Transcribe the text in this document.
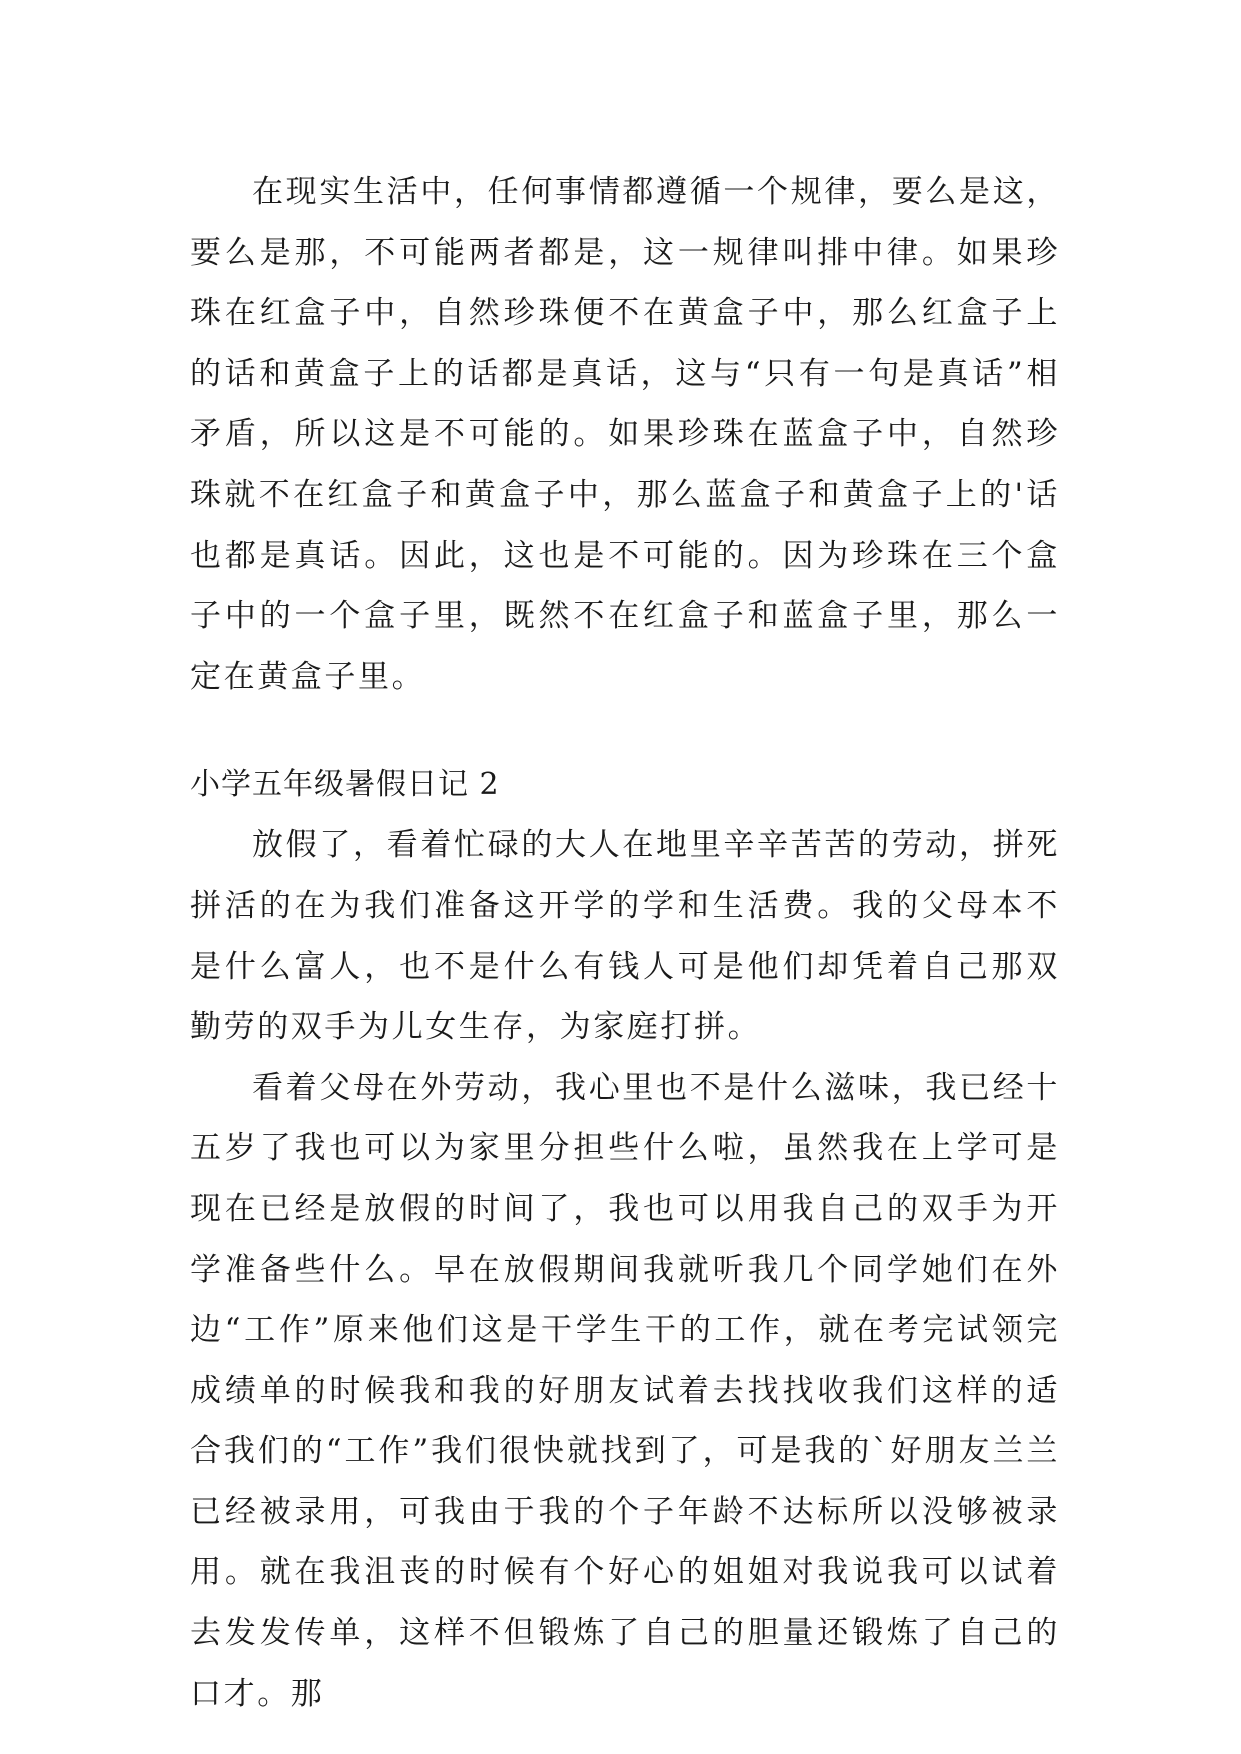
在现实生活中，任何事情都遵循一个规律，要么是这，要么是那，不可能两者都是，这一规律叫排中律。如果珍珠在红盒子中，自然珍珠便不在黄盒子中，那么红盒子上的话和黄盒子上的话都是真话，这与“只有一句是真话”相矛盾，所以这是不可能的。如果珍珠在蓝盒子中，自然珍珠就不在红盒子和黄盒子中，那么蓝盒子和黄盒子上的'话也都是真话。因此，这也是不可能的。因为珍珠在三个盒子中的一个盒子里，既然不在红盒子和蓝盒子里，那么一定在黄盒子里。

小学五年级暑假日记 2

放假了，看着忙碌的大人在地里辛辛苦苦的劳动，拼死拼活的在为我们准备这开学的学和生活费。我的父母本不是什么富人，也不是什么有钱人可是他们却凭着自己那双勤劳的双手为儿女生存，为家庭打拼。

看着父母在外劳动，我心里也不是什么滋味，我已经十五岁了我也可以为家里分担些什么啦，虽然我在上学可是现在已经是放假的时间了，我也可以用我自己的双手为开学准备些什么。早在放假期间我就听我几个同学她们在外边“工作”原来他们这是干学生干的工作，就在考完试领完成绩单的时候我和我的好朋友试着去找找收我们这样的适合我们的“工作”我们很快就找到了，可是我的`好朋友兰兰已经被录用，可我由于我的个子年龄不达标所以没够被录用。就在我沮丧的时候有个好心的姐姐对我说我可以试着去发发传单，这样不但锻炼了自己的胆量还锻炼了自己的口才。那
